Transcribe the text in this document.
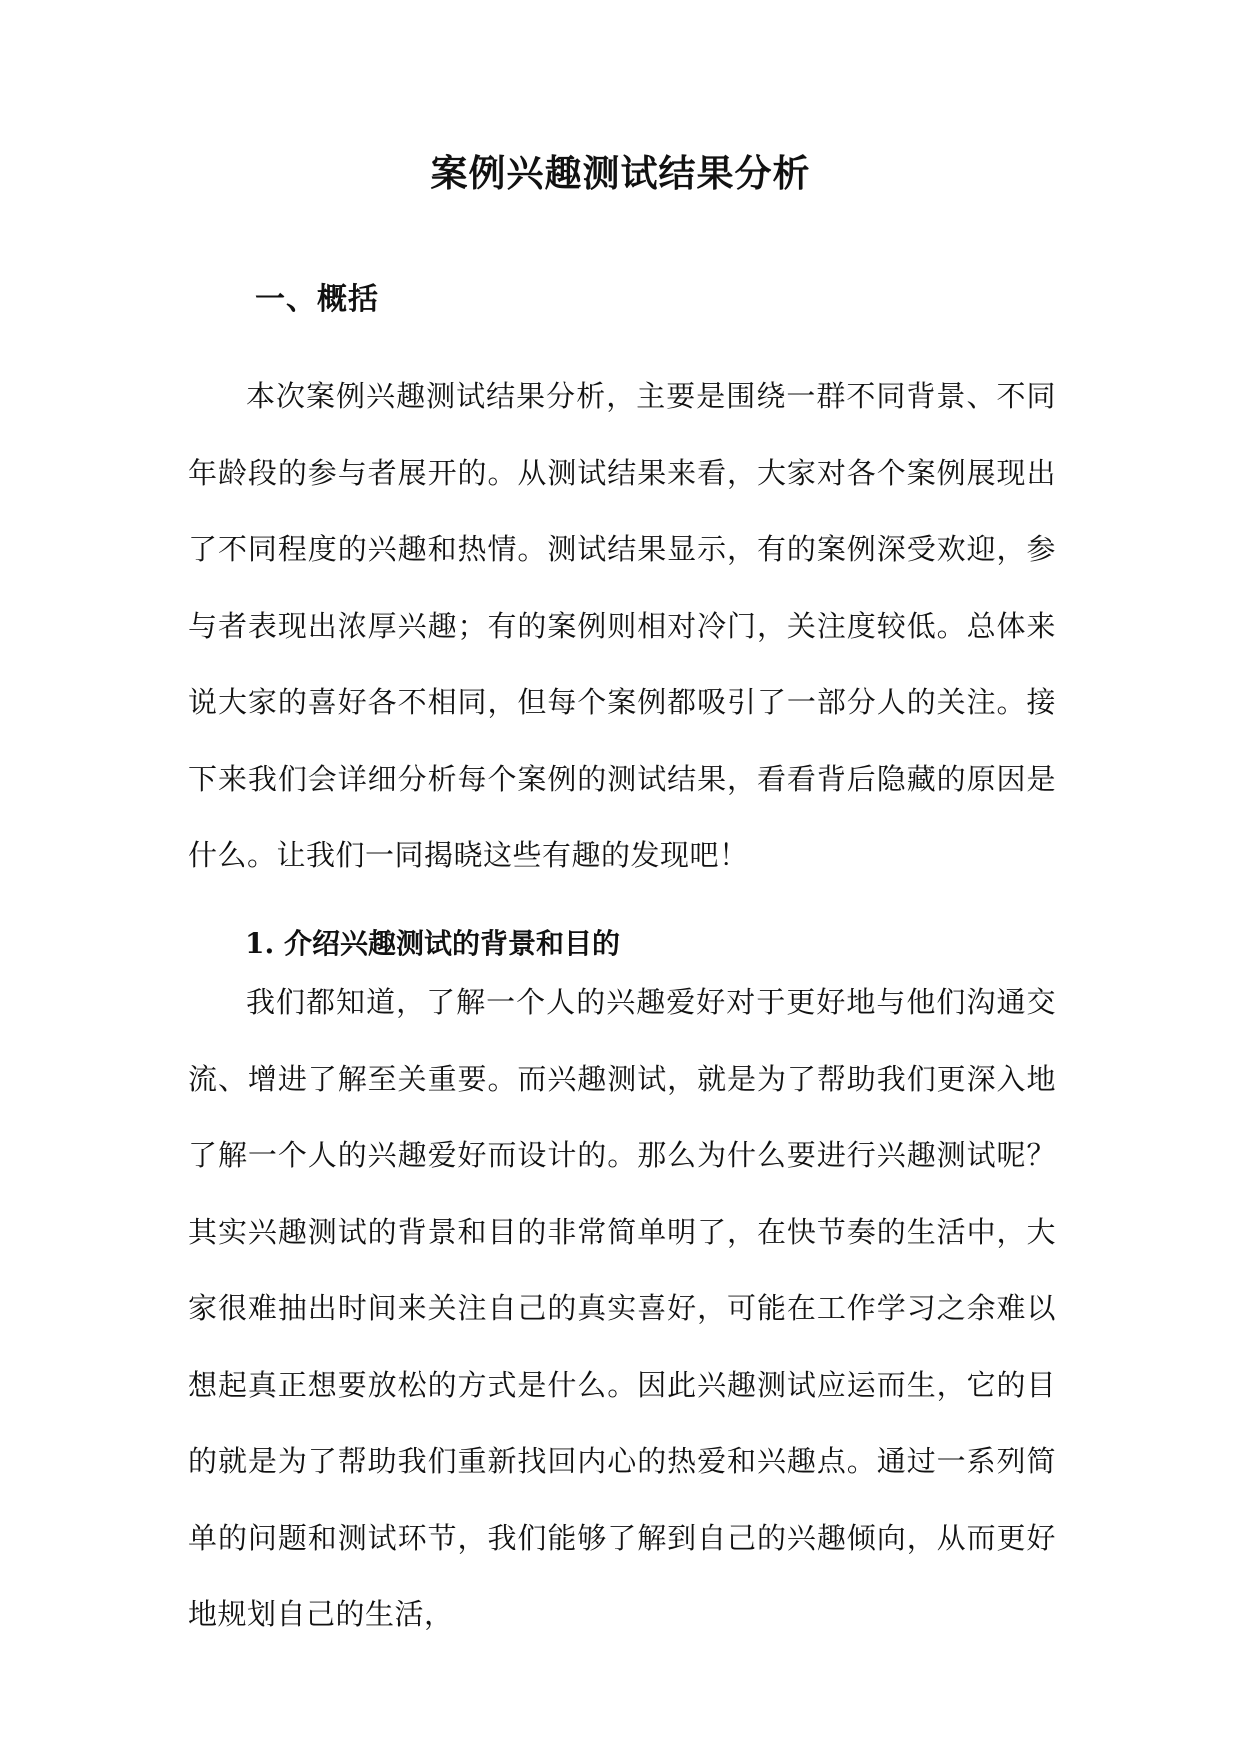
案例兴趣测试结果分析
一、概括

本次案例兴趣测试结果分析，主要是围绕一群不同背景、不同年龄段的参与者展开的。从测试结果来看，大家对各个案例展现出了不同程度的兴趣和热情。测试结果显示，有的案例深受欢迎，参与者表现出浓厚兴趣；有的案例则相对冷门，关注度较低。总体来说大家的喜好各不相同，但每个案例都吸引了一部分人的关注。接下来我们会详细分析每个案例的测试结果，看看背后隐藏的原因是什么。让我们一同揭晓这些有趣的发现吧！

1. 介绍兴趣测试的背景和目的

我们都知道，了解一个人的兴趣爱好对于更好地与他们沟通交流、增进了解至关重要。而兴趣测试，就是为了帮助我们更深入地了解一个人的兴趣爱好而设计的。那么为什么要进行兴趣测试呢？其实兴趣测试的背景和目的非常简单明了，在快节奏的生活中，大家很难抽出时间来关注自己的真实喜好，可能在工作学习之余难以想起真正想要放松的方式是什么。因此兴趣测试应运而生，它的目的就是为了帮助我们重新找回内心的热爱和兴趣点。通过一系列简单的问题和测试环节，我们能够了解到自己的兴趣倾向，从而更好地规划自己的生活，
